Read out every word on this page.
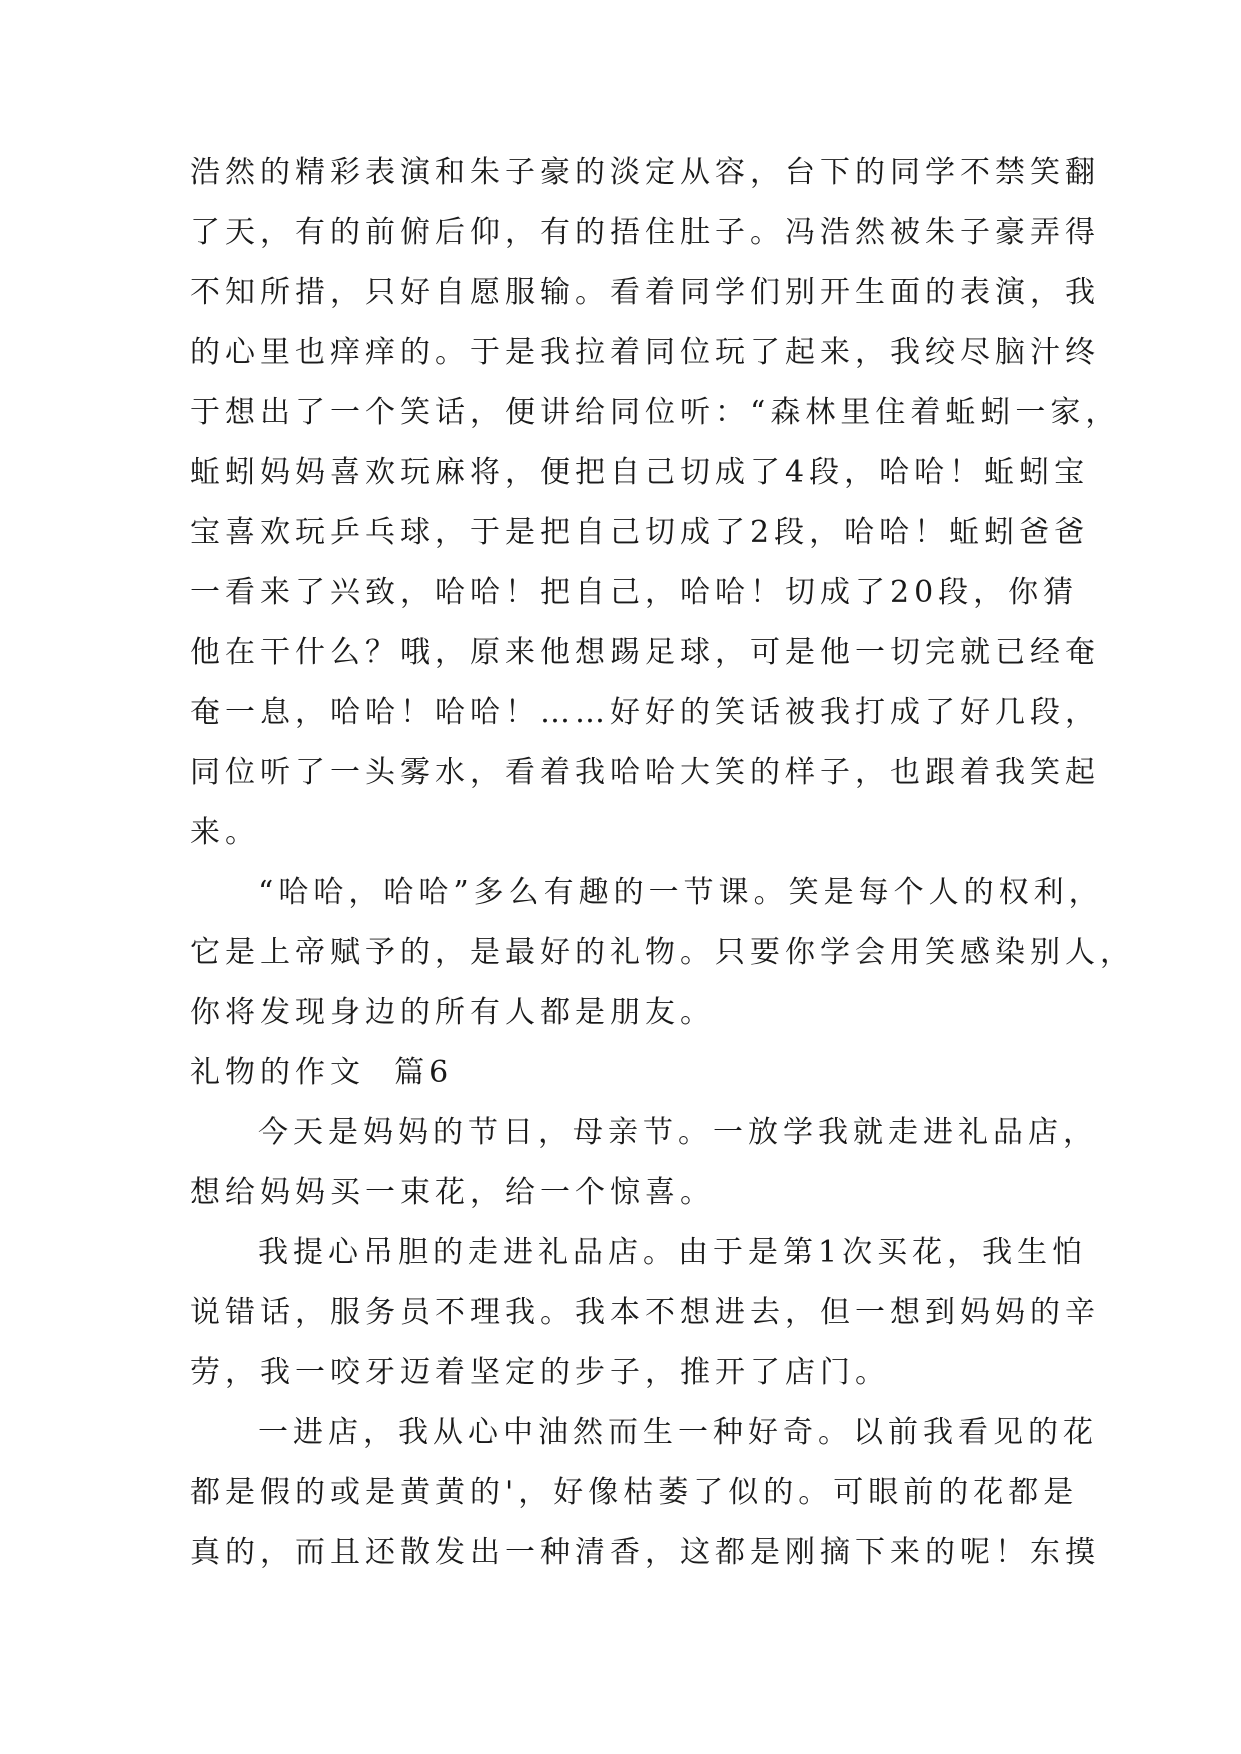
浩然的精彩表演和朱子豪的淡定从容，台下的同学不禁笑翻
了天，有的前俯后仰，有的捂住肚子。冯浩然被朱子豪弄得
不知所措，只好自愿服输。看着同学们别开生面的表演，我
的心里也痒痒的。于是我拉着同位玩了起来，我绞尽脑汁终
于想出了一个笑话，便讲给同位听：“森林里住着蚯蚓一家，
蚯蚓妈妈喜欢玩麻将，便把自己切成了4段，哈哈！蚯蚓宝
宝喜欢玩乒乓球，于是把自己切成了2段，哈哈！蚯蚓爸爸
一看来了兴致，哈哈！把自己，哈哈！切成了20段，你猜
他在干什么？哦，原来他想踢足球，可是他一切完就已经奄
奄一息，哈哈！哈哈！……好好的笑话被我打成了好几段，
同位听了一头雾水，看着我哈哈大笑的样子，也跟着我笑起
来。
“哈哈，哈哈”多么有趣的一节课。笑是每个人的权利，
它是上帝赋予的，是最好的礼物。只要你学会用笑感染别人，
你将发现身边的所有人都是朋友。
礼物的作文  篇6
今天是妈妈的节日，母亲节。一放学我就走进礼品店，
想给妈妈买一束花，给一个惊喜。
我提心吊胆的走进礼品店。由于是第1次买花，我生怕
说错话，服务员不理我。我本不想进去，但一想到妈妈的辛
劳，我一咬牙迈着坚定的步子，推开了店门。
一进店，我从心中油然而生一种好奇。以前我看见的花
都是假的或是黄黄的'，好像枯萎了似的。可眼前的花都是
真的，而且还散发出一种清香，这都是刚摘下来的呢！东摸
